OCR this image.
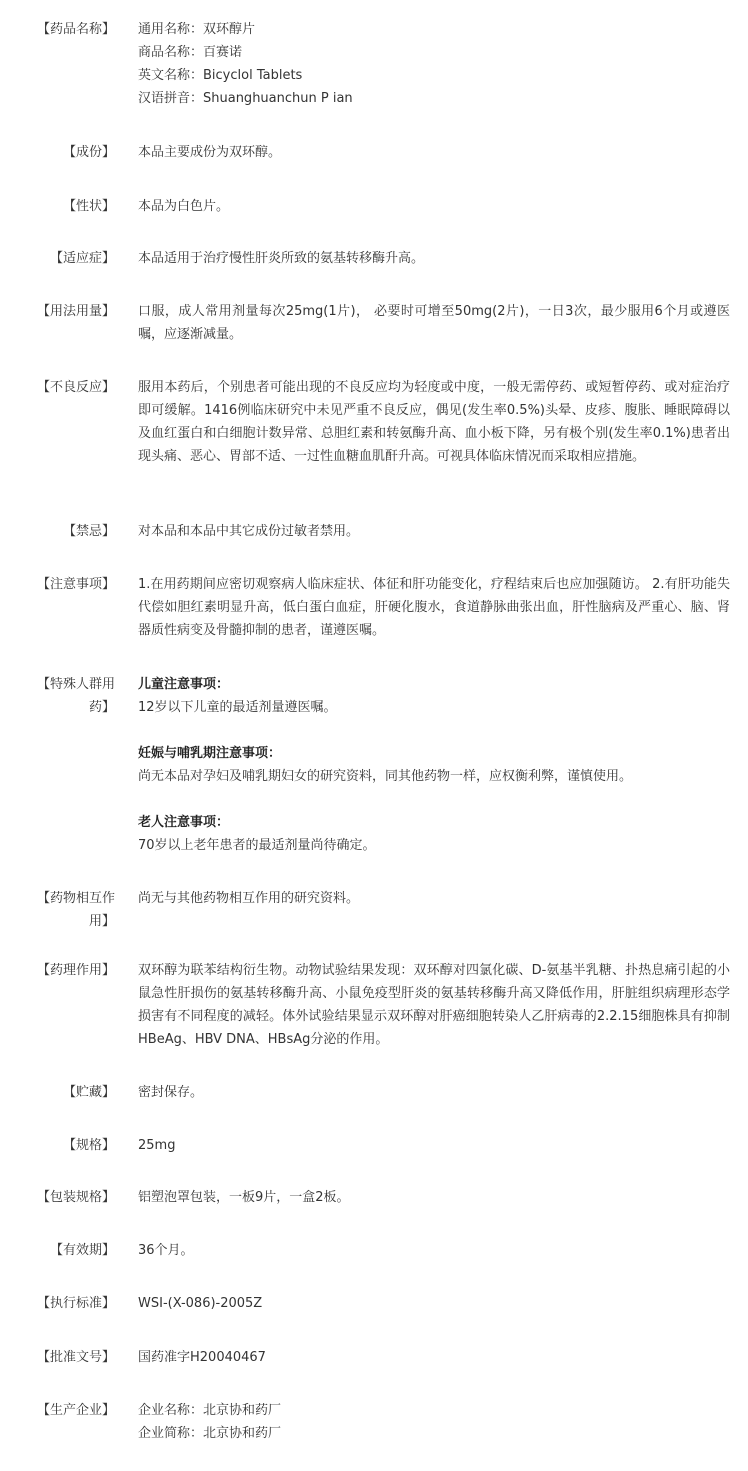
【药品名称】 通用名称：双环醇片
商品名称：百赛诺
英文名称：Bicyclol Tablets
汉语拼音：Shuanghuanchun P ian
【成份】 本品主要成份为双环醇。
【性状】 本品为白色片。
【适应症】 本品适用于治疗慢性肝炎所致的氨基转移酶升高。
【用法用量】 口服，成人常用剂量每次25mg(1片)， 必要时可增至50mg(2片)，一日3次，最少服用6个月或遵医嘱，应逐渐减量。
【不良反应】 服用本药后，个别患者可能出现的不良反应均为轻度或中度，一般无需停药、或短暂停药、或对症治疗即可缓解。1416例临床研究中未见严重不良反应，偶见(发生率0.5%)头晕、皮疹、腹胀、睡眠障碍以及血红蛋白和白细胞计数异常、总胆红素和转氨酶升高、血小板下降，另有极个别(发生率0.1%)患者出现头痛、恶心、胃部不适、一过性血糖血肌酐升高。可视具体临床情况而采取相应措施。
【禁忌】 对本品和本品中其它成份过敏者禁用。
【注意事项】 1.在用药期间应密切观察病人临床症状、体征和肝功能变化，疗程结束后也应加强随访。 2.有肝功能失代偿如胆红素明显升高，低白蛋白血症，肝硬化腹水，食道静脉曲张出血，肝性脑病及严重心、脑、肾器质性病变及骨髓抑制的患者，谨遵医嘱。
【特殊人群用
药】
儿童注意事项：
12岁以下儿童的最适剂量遵医嘱。
妊娠与哺乳期注意事项：
尚无本品对孕妇及哺乳期妇女的研究资料，同其他药物一样，应权衡利弊，谨慎使用。
老人注意事项：
70岁以上老年患者的最适剂量尚待确定。
【药物相互作
用】
尚无与其他药物相互作用的研究资料。
【药理作用】 双环醇为联苯结构衍生物。动物试验结果发现：双环醇对四氯化碳、D-氨基半乳糖、扑热息痛引起的小鼠急性肝损伤的氨基转移酶升高、小鼠免疫型肝炎的氨基转移酶升高又降低作用，肝脏组织病理形态学损害有不同程度的减轻。体外试验结果显示双环醇对肝癌细胞转染人乙肝病毒的2.2.15细胞株具有抑制HBeAg、HBV DNA、HBsAg分泌的作用。
【贮藏】 密封保存。
【规格】 25mg
【包装规格】 铝塑泡罩包装，一板9片，一盒2板。
【有效期】 36个月。
【执行标准】 WSI-(X-086)-2005Z
【批准文号】 国药准字H20040467
【生产企业】 企业名称：北京协和药厂
企业简称：北京协和药厂
